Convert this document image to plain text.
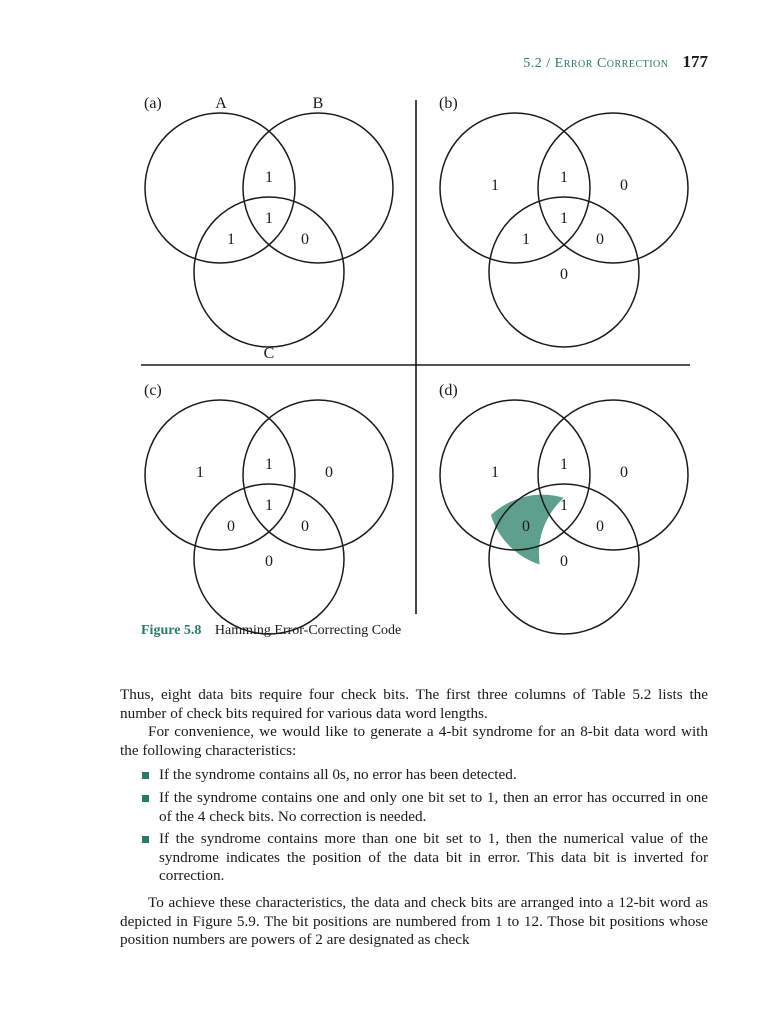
5.2 / Error Correction 177
(a)	A	B
C
1
1
1	0
(b)
1	1	0
1
1	0
0
(c)
1	1	0
1
0	0
0
(d)
1	1	0
1
0	0
0
Figure 5.8 Hamming Error-Correcting Code

Thus, eight data bits require four check bits. The first three columns of Table 5.2 lists the number of check bits required for various data word lengths.

For convenience, we would like to generate a 4-bit syndrome for an 8-bit data word with the following characteristics:

If the syndrome contains all 0s, no error has been detected.
If the syndrome contains one and only one bit set to 1, then an error has occurred in one of the 4 check bits. No correction is needed.
If the syndrome contains more than one bit set to 1, then the numerical value of the syndrome indicates the position of the data bit in error. This data bit is inverted for correction.

To achieve these characteristics, the data and check bits are arranged into a 12-bit word as depicted in Figure 5.9. The bit positions are numbered from 1 to 12. Those bit positions whose position numbers are powers of 2 are designated as check
